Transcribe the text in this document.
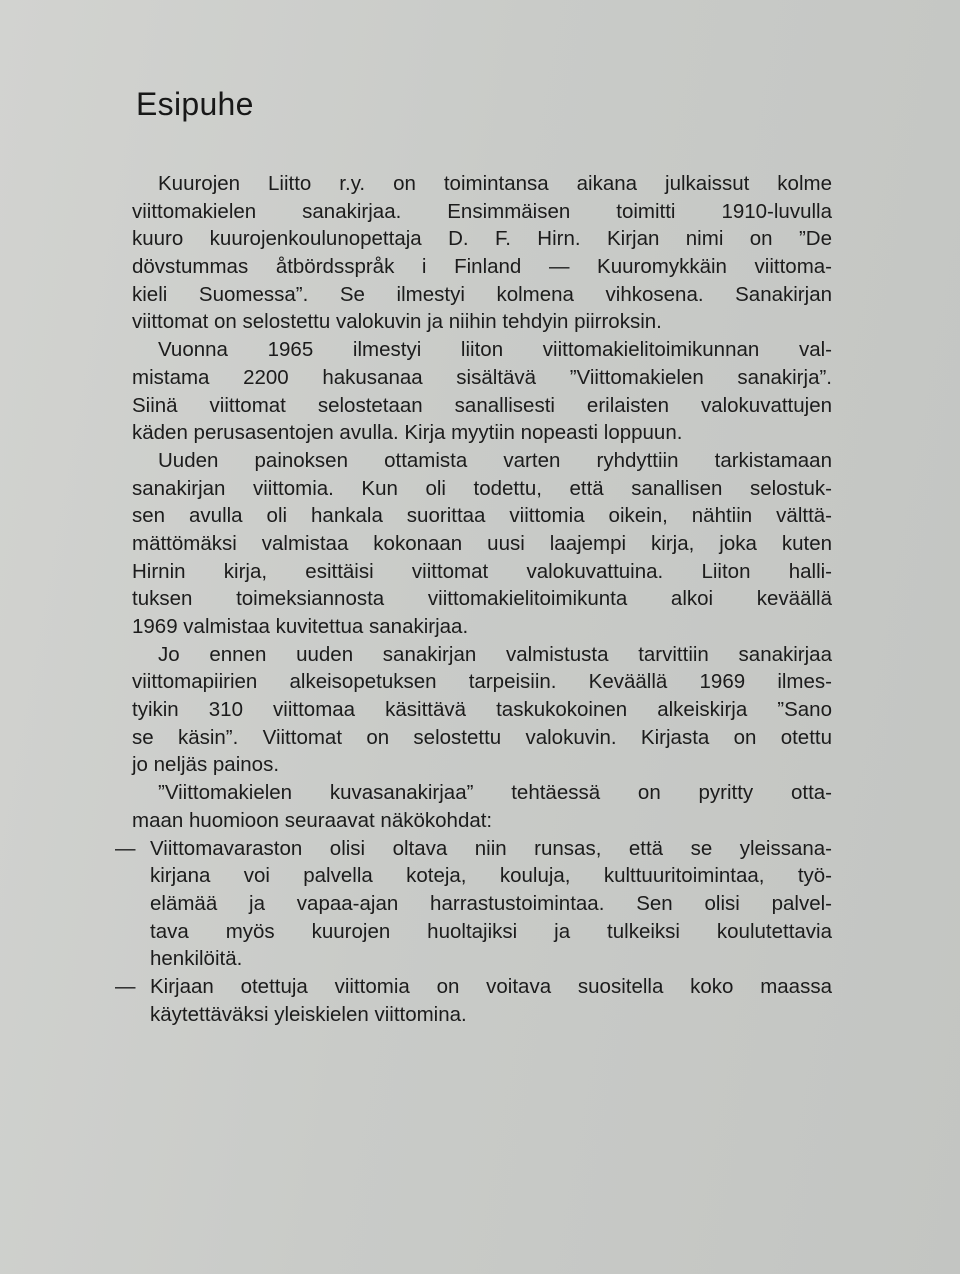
Esipuhe
Kuurojen Liitto r.y. on toimintansa aikana julkaissut kolme
viittomakielen sanakirjaa. Ensimmäisen toimitti 1910-luvulla
kuuro kuurojenkoulunopettaja D. F. Hirn. Kirjan nimi on ”De
dövstummas åtbördsspråk i Finland — Kuuromykkäin viittoma-
kieli Suomessa”. Se ilmestyi kolmena vihkosena. Sanakirjan
viittomat on selostettu valokuvin ja niihin tehdyin piirroksin.
Vuonna 1965 ilmestyi liiton viittomakielitoimikunnan val-
mistama 2200 hakusanaa sisältävä ”Viittomakielen sanakirja”.
Siinä viittomat selostetaan sanallisesti erilaisten valokuvattujen
käden perusasentojen avulla. Kirja myytiin nopeasti loppuun.
Uuden painoksen ottamista varten ryhdyttiin tarkistamaan
sanakirjan viittomia. Kun oli todettu, että sanallisen selostuk-
sen avulla oli hankala suorittaa viittomia oikein, nähtiin välttä-
mättömäksi valmistaa kokonaan uusi laajempi kirja, joka kuten
Hirnin kirja, esittäisi viittomat valokuvattuina. Liiton halli-
tuksen toimeksiannosta viittomakielitoimikunta alkoi keväällä
1969 valmistaa kuvitettua sanakirjaa.
Jo ennen uuden sanakirjan valmistusta tarvittiin sanakirjaa
viittomapiirien alkeisopetuksen tarpeisiin. Keväällä 1969 ilmes-
tyikin 310 viittomaa käsittävä taskukokoinen alkeiskirja ”Sano
se käsin”. Viittomat on selostettu valokuvin. Kirjasta on otettu
jo neljäs painos.
”Viittomakielen kuvasanakirjaa” tehtäessä on pyritty otta-
maan huomioon seuraavat näkökohdat:
— Viittomavaraston olisi oltava niin runsas, että se yleissana-
kirjana voi palvella koteja, kouluja, kulttuuritoimintaa, työ-
elämää ja vapaa-ajan harrastustoimintaa. Sen olisi palvel-
tava myös kuurojen huoltajiksi ja tulkeiksi koulutettavia
henkilöitä.
— Kirjaan otettuja viittomia on voitava suositella koko maassa
käytettäväksi yleiskielen viittomina.
